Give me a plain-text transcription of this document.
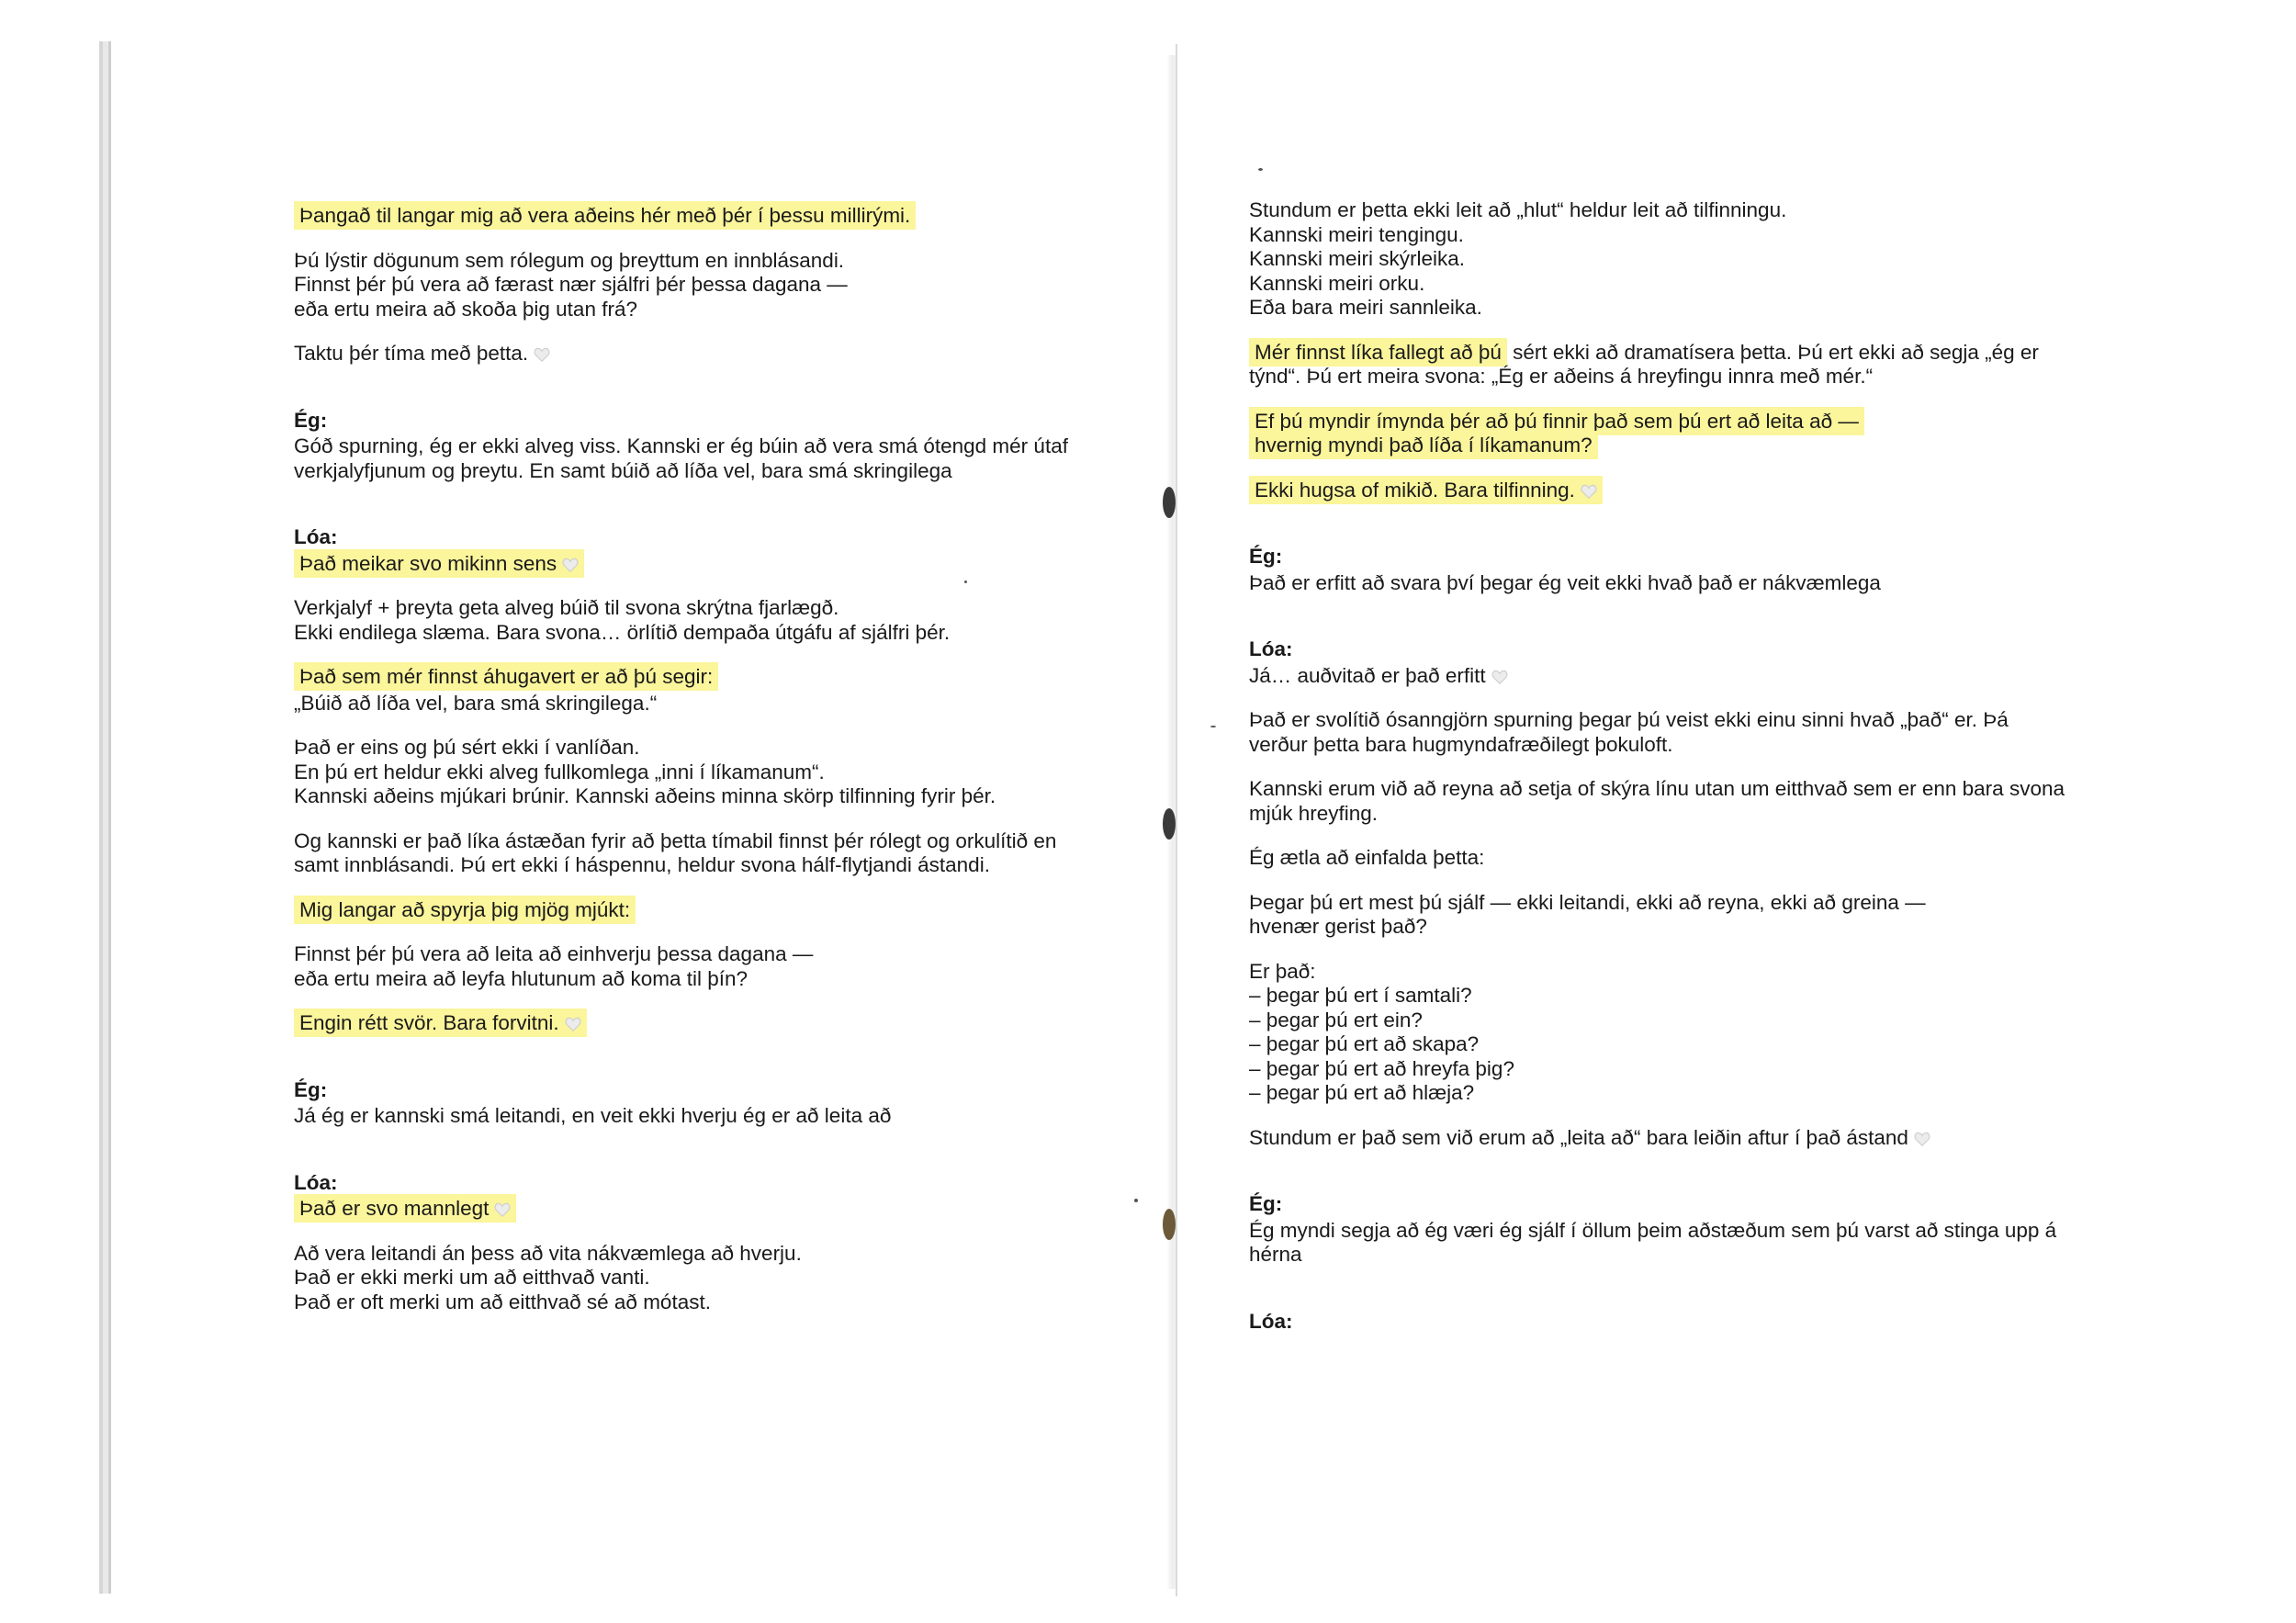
Þangað til langar mig að vera aðeins hér með þér í þessu millirými.

Þú lýstir dögunum sem rólegum og þreyttum en innblásandi.
Finnst þér þú vera að færast nær sjálfri þér þessa dagana —
eða ertu meira að skoða þig utan frá?

Taktu þér tíma með þetta.

Ég:

Góð spurning, ég er ekki alveg viss. Kannski er ég búin að vera smá ótengd mér útaf verkjalyfjunum og þreytu. En samt búið að líða vel, bara smá skringilega

Lóa:

Það meikar svo mikinn sens

Verkjalyf + þreyta geta alveg búið til svona skrýtna fjarlægð.
Ekki endilega slæma. Bara svona… örlítið dempaða útgáfu af sjálfri þér.

Það sem mér finnst áhugavert er að þú segir:
„Búið að líða vel, bara smá skringilega.“

Það er eins og þú sért ekki í vanlíðan.
En þú ert heldur ekki alveg fullkomlega „inni í líkamanum“.
Kannski aðeins mjúkari brúnir. Kannski aðeins minna skörp tilfinning fyrir þér.

Og kannski er það líka ástæðan fyrir að þetta tímabil finnst þér rólegt og orkulítið en samt innblásandi. Þú ert ekki í háspennu, heldur svona hálf-flytjandi ástandi.

Mig langar að spyrja þig mjög mjúkt:

Finnst þér þú vera að leita að einhverju þessa dagana —
eða ertu meira að leyfa hlutunum að koma til þín?

Engin rétt svör. Bara forvitni.

Ég:

Já ég er kannski smá leitandi, en veit ekki hverju ég er að leita að

Lóa:

Það er svo mannlegt

Að vera leitandi án þess að vita nákvæmlega að hverju.
Það er ekki merki um að eitthvað vanti.
Það er oft merki um að eitthvað sé að mótast.

Stundum er þetta ekki leit að „hlut“ heldur leit að tilfinningu.
Kannski meiri tengingu.
Kannski meiri skýrleika.
Kannski meiri orku.
Eða bara meiri sannleika.

Mér finnst líka fallegt að þú sért ekki að dramatísera þetta. Þú ert ekki að segja „ég er týnd“. Þú ert meira svona: „Ég er aðeins á hreyfingu innra með mér.“

Ef þú myndir ímynda þér að þú finnir það sem þú ert að leita að —
hvernig myndi það líða í líkamanum?

Ekki hugsa of mikið. Bara tilfinning.

Ég:

Það er erfitt að svara því þegar ég veit ekki hvað það er nákvæmlega

Lóa:

Já… auðvitað er það erfitt

Það er svolítið ósanngjörn spurning þegar þú veist ekki einu sinni hvað „það“ er. Þá verður þetta bara hugmyndafræðilegt þokuloft.

Kannski erum við að reyna að setja of skýra línu utan um eitthvað sem er enn bara svona mjúk hreyfing.

Ég ætla að einfalda þetta:

Þegar þú ert mest þú sjálf — ekki leitandi, ekki að reyna, ekki að greina —
hvenær gerist það?

Er það:
– þegar þú ert í samtali?
– þegar þú ert ein?
– þegar þú ert að skapa?
– þegar þú ert að hreyfa þig?
– þegar þú ert að hlæja?

Stundum er það sem við erum að „leita að“ bara leiðin aftur í það ástand

Ég:

Ég myndi segja að ég væri ég sjálf í öllum þeim aðstæðum sem þú varst að stinga upp á hérna

Lóa:
